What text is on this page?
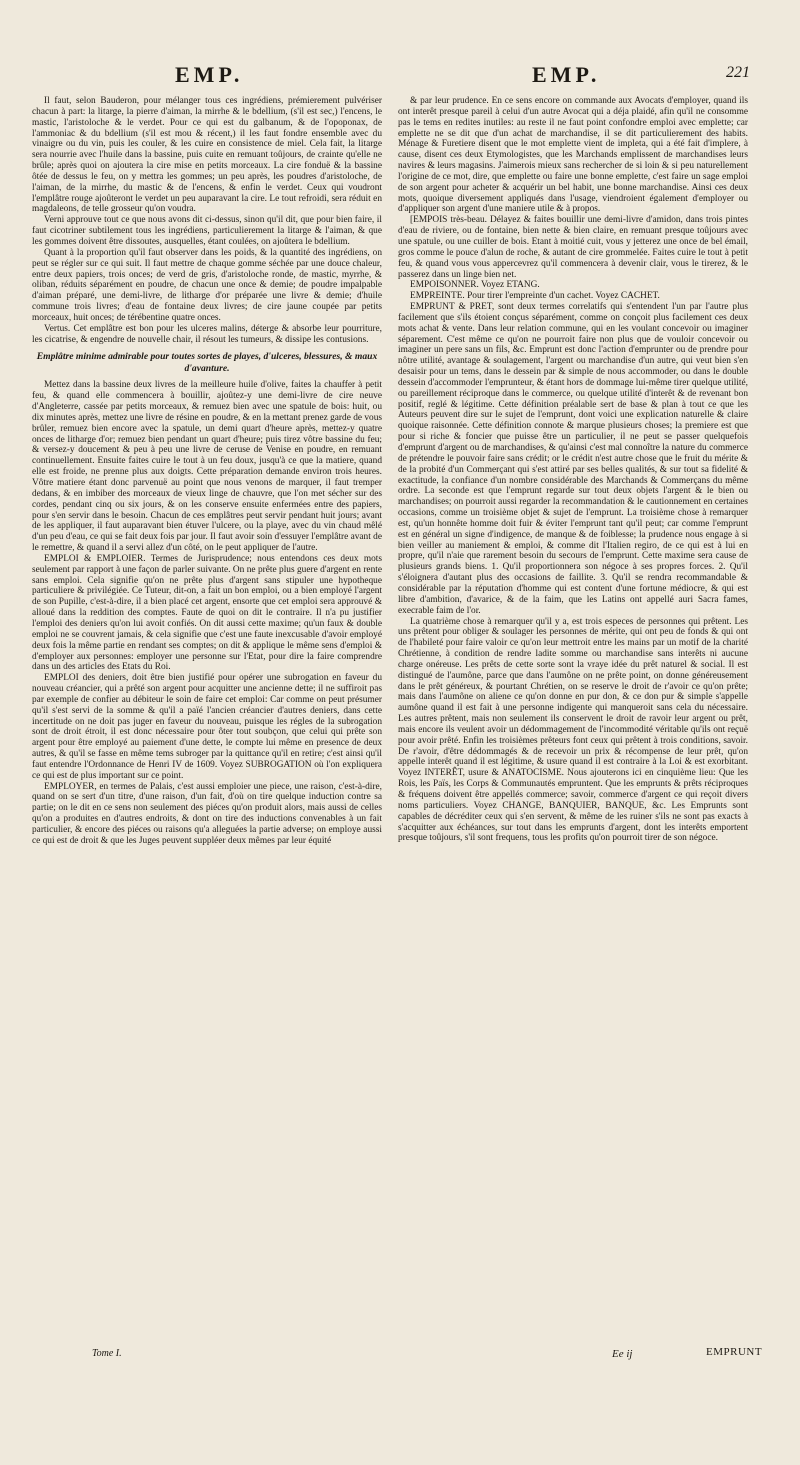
EMP.	EMP.	221

Il faut, selon Bauderon, pour mélanger tous ces ingrédiens, prémierement pulvériser chacun à part: la litarge, la pierre d'aiman, la mirrhe & le bdellium, (s'il est sec,) l'encens, le mastic, l'aristoloche & le verdet. Pour ce qui est du galbanum, & de l'opoponax, de l'ammoniac & du bdellium (s'il est mou & récent,) il les faut fondre ensemble avec du vinaigre ou du vin, puis les couler, & les cuire en consistence de miel. Cela fait, la litarge sera nourrie avec l'huile dans la bassine, puis cuite en remuant toûjours, de crainte qu'elle ne brûle; après quoi on ajoutera la cire mise en petits morceaux. La cire fonduë & la bassine ôtée de dessus le feu, on y mettra les gommes; un peu après, les poudres d'aristoloche, de l'aiman, de la mirrhe, du mastic & de l'encens, & enfin le verdet. Ceux qui voudront l'emplâtre rouge ajoûteront le verdet un peu auparavant la cire. Le tout refroidi, sera réduit en magdaleons, de telle grosseur qu'on voudra.

Verni approuve tout ce que nous avons dit ci-dessus, sinon qu'il dit, que pour bien faire, il faut cicotriner subtilement tous les ingrédiens, particulierement la litarge & l'aiman, & que les gommes doivent être dissoutes, ausquelles, étant coulées, on ajoûtera le bdellium.

Quant à la proportion qu'il faut observer dans les poids, & la quantité des ingrédiens, on peut se régler sur ce qui suit. Il faut mettre de chaque gomme séchée par une douce chaleur, entre deux papiers, trois onces; de verd de gris, d'aristoloche ronde, de mastic, myrrhe, & oliban, réduits séparément en poudre, de chacun une once & demie; de poudre impalpable d'aiman préparé, une demi-livre, de litharge d'or préparée une livre & demie; d'huile commune trois livres; d'eau de fontaine deux livres; de cire jaune coupée par petits morceaux, huit onces; de térébentine quatre onces.

Vertus. Cet emplâtre est bon pour les ulceres malins, déterge & absorbe leur pourriture, les cicatrise, & engendre de nouvelle chair, il résout les tumeurs, & dissipe les contusions.

Emplâtre minime admirable pour toutes sortes de playes, d'ulceres, blessures, & maux d'avanture.

Mettez dans la bassine deux livres de la meilleure huile d'olive, faites la chauffer à petit feu, & quand elle commencera à bouillir, ajoûtez-y une demi-livre de cire neuve d'Angleterre, cassée par petits morceaux, & remuez bien avec une spatule de bois: huit, ou dix minutes après, mettez une livre de résine en poudre, & en la mettant prenez garde de vous brûler, remuez bien encore avec la spatule, un demi quart d'heure après, mettez-y quatre onces de litharge d'or; remuez bien pendant un quart d'heure; puis tirez vôtre bassine du feu; & versez-y doucement & peu à peu une livre de ceruse de Venise en poudre, en remuant continuellement. Ensuite faites cuire le tout à un feu doux, jusqu'à ce que la matiere, quand elle est froide, ne prenne plus aux doigts. Cette préparation demande environ trois heures. Vôtre matiere étant donc parvenuë au point que nous venons de marquer, il faut tremper dedans, & en imbiber des morceaux de vieux linge de chauvre, que l'on met sécher sur des cordes, pendant cinq ou six jours, & on les conserve ensuite enfermées entre des papiers, pour s'en servir dans le besoin. Chacun de ces emplâtres peut servir pendant huit jours; avant de les appliquer, il faut auparavant bien étuver l'ulcere, ou la playe, avec du vin chaud mêlé d'un peu d'eau, ce qui se fait deux fois par jour. Il faut avoir soin d'essuyer l'emplâtre avant de le remettre, & quand il a servi allez d'un côté, on le peut appliquer de l'autre.

EMPLOI & EMPLOIER. Termes de Jurisprudence; nous entendons ces deux mots seulement par rapport à une façon de parler suivante. On ne prête plus guere d'argent en rente sans emploi. Cela signifie qu'on ne prête plus d'argent sans stipuler une hypotheque particuliere & privilégiée. Ce Tuteur, dit-on, a fait un bon emploi, ou a bien employé l'argent de son Pupille, c'est-à-dire, il a bien placé cet argent, ensorte que cet emploi sera approuvé & alloué dans la reddition des comptes. Faute de quoi on dit le contraire. Il n'a pu justifier l'emploi des deniers qu'on lui avoit confiés. On dit aussi cette maxime; qu'un faux & double emploi ne se couvrent jamais, & cela signifie que c'est une faute inexcusable d'avoir employé deux fois la même partie en rendant ses comptes; on dit & applique le même sens d'emploi & d'employer aux personnes: employer une personne sur l'Etat, pour dire la faire comprendre dans un des articles des Etats du Roi.

EMPLOI des deniers, doit être bien justifié pour opérer une subrogation en faveur du nouveau créancier, qui a prêté son argent pour acquitter une ancienne dette; il ne suffiroit pas par exemple de confier au débiteur le soin de faire cet emploi: Car comme on peut présumer qu'il s'est servi de la somme & qu'il a païé l'ancien créancier d'autres deniers, dans cette incertitude on ne doit pas juger en faveur du nouveau, puisque les régles de la subrogation sont de droit étroit, il est donc nécessaire pour ôter tout soubçon, que celui qui prête son argent pour être employé au paiement d'une dette, le compte lui même en presence de deux autres, & qu'il se fasse en même tems subroger par la quittance qu'il en retire; c'est ainsi qu'il faut entendre l'Ordonnance de Henri IV de 1609. Voyez SUBROGATION où l'on expliquera ce qui est de plus important sur ce point.

EMPLOYER, en termes de Palais, c'est aussi emploier une piece, une raison, c'est-à-dire, quand on se sert d'un titre, d'une raison, d'un fait, d'où on tire quelque induction contre sa partie; on le dit en ce sens non seulement des piéces qu'on produit alors, mais aussi de celles qu'on a produites en d'autres endroits, & dont on tire des inductions convenables à un fait particulier, & encore des piéces ou raisons qu'a alleguées la partie adverse; on employe aussi ce qui est de droit & que les Juges peuvent suppléer deux mêmes par leur équité

& par leur prudence. En ce sens encore on commande aux Avocats d'employer, quand ils ont interêt presque pareil à celui d'un autre Avocat qui a déja plaidé, afin qu'il ne consomme pas le tems en redites inutiles: au reste il ne faut point confondre emploi avec emplette; car emplette ne se dit que d'un achat de marchandise, il se dit particulierement des habits. Ménage & Furetiere disent que le mot emplette vient de impleta, qui a été fait d'implere, à cause, disent ces deux Etymologistes, que les Marchands emplissent de marchandises leurs navires & leurs magasins. J'aimerois mieux sans rechercher de si loin & si peu naturellement l'origine de ce mot, dire, que emplette ou faire une bonne emplette, c'est faire un sage emploi de son argent pour acheter & acquérir un bel habit, une bonne marchandise. Ainsi ces deux mots, quoique diversement appliqués dans l'usage, viendroient également d'employer ou d'appliquer son argent d'une maniere utile & à propos.

[EMPOIS très-beau. Délayez & faites bouillir une demi-livre d'amidon, dans trois pintes d'eau de riviere, ou de fontaine, bien nette & bien claire, en remuant presque toûjours avec une spatule, ou une cuiller de bois. Etant à moitié cuit, vous y jetterez une once de bel émail, gros comme le pouce d'alun de roche, & autant de cire grommelée. Faites cuire le tout à petit feu, & quand vous vous appercevrez qu'il commencera à devenir clair, vous le tirerez, & le passerez dans un linge bien net.

EMPOISONNER. Voyez ETANG.

EMPREINTE. Pour tirer l'empreinte d'un cachet. Voyez CACHET.

EMPRUNT & PRET, sont deux termes correlatifs qui s'entendent l'un par l'autre plus facilement que s'ils étoient conçus séparément, comme on conçoit plus facilement ces deux mots achat & vente. Dans leur relation commune, qui en les voulant concevoir ou imaginer séparement. C'est même ce qu'on ne pourroit faire non plus que de vouloir concevoir ou imaginer un pere sans un fils, &c. Emprunt est donc l'action d'emprunter ou de prendre pour nôtre utilité, avantage & soulagement, l'argent ou marchandise d'un autre, qui veut bien s'en desaisir pour un tems, dans le dessein par & simple de nous accommoder, ou dans le double dessein d'accommoder l'emprunteur, & étant hors de dommage lui-même tirer quelque utilité, ou pareillement réciproque dans le commerce, ou quelque utilité d'interêt & de revenant bon positif, reglé & légitime. Cette définition préalable sert de base & plan à tout ce que les Auteurs peuvent dire sur le sujet de l'emprunt, dont voici une explication naturelle & claire quoique raisonnée. Cette définition connote & marque plusieurs choses; la premiere est que pour si riche & foncier que puisse être un particulier, il ne peut se passer quelquefois d'emprunt d'argent ou de marchandises, & qu'ainsi c'est mal connoître la nature du commerce de prétendre le pouvoir faire sans crédit; or le crédit n'est autre chose que le fruit du mérite & de la probité d'un Commerçant qui s'est attiré par ses belles qualités, & sur tout sa fidelité & exactitude, la confiance d'un nombre considérable des Marchands & Commerçans du même ordre. La seconde est que l'emprunt regarde sur tout deux objets l'argent & le bien ou marchandises; on pourroit aussi regarder la recommandation & le cautionnement en certaines occasions, comme un troisième objet & sujet de l'emprunt. La troisième chose à remarquer est, qu'un honnête homme doit fuir & éviter l'emprunt tant qu'il peut; car comme l'emprunt est en général un signe d'indigence, de manque & de foiblesse; la prudence nous engage à si bien veiller au maniement & emploi, & comme dit l'Italien regiro, de ce qui est à lui en propre, qu'il n'aie que rarement besoin du secours de l'emprunt. Cette maxime sera cause de plusieurs grands biens. 1. Qu'il proportionnera son négoce à ses propres forces. 2. Qu'il s'éloignera d'autant plus des occasions de faillite. 3. Qu'il se rendra recommandable & considérable par la réputation d'homme qui est content d'une fortune médiocre, & qui est libre d'ambition, d'avarice, & de la faim, que les Latins ont appellé auri Sacra fames, execrable faim de l'or.

La quatrième chose à remarquer qu'il y a, est trois especes de personnes qui prêtent. Les uns prêtent pour obliger & soulager les personnes de mérite, qui ont peu de fonds & qui ont de l'habileté pour faire valoir ce qu'on leur mettroit entre les mains par un motif de la charité Chrétienne, à condition de rendre ladite somme ou marchandise sans interêts ni aucune charge onéreuse. Les prêts de cette sorte sont la vraye idée du prêt naturel & social. Il est distingué de l'aumône, parce que dans l'aumône on ne prête point, on donne généreusement dans le prêt généreux, & pourtant Chrétien, on se reserve le droit de r'avoir ce qu'on prête; mais dans l'aumône on aliene ce qu'on donne en pur don, & ce don pur & simple s'appelle aumône quand il est fait à une personne indigente qui manqueroit sans cela du nécessaire. Les autres prêtent, mais non seulement ils conservent le droit de ravoir leur argent ou prêt, mais encore ils veulent avoir un dédommagement de l'incommodité véritable qu'ils ont reçuë pour avoir prêté. Enfin les troisièmes prêteurs font ceux qui prêtent à trois conditions, savoir. De r'avoir, d'être dédommagés & de recevoir un prix & récompense de leur prêt, qu'on appelle interêt quand il est légitime, & usure quand il est contraire à la Loi & est exorbitant. Voyez INTERÊT, usure & ANATOCISME. Nous ajouterons ici en cinquième lieu: Que les Rois, les Païs, les Corps & Communautés empruntent. Que les emprunts & prêts réciproques & fréquens doivent être appellés commerce; savoir, commerce d'argent ce qui reçoit divers noms particuliers. Voyez CHANGE, BANQUIER, BANQUE, &c. Les Emprunts sont capables de décréditer ceux qui s'en servent, & même de les ruiner s'ils ne sont pas exacts à s'acquitter aux échéances, sur tout dans les emprunts d'argent, dont les interêts emportent presque toûjours, s'il sont frequens, tous les profits qu'on pourroit tirer de son négoce.

Tome I.	Ee ij	EMPRUNT
